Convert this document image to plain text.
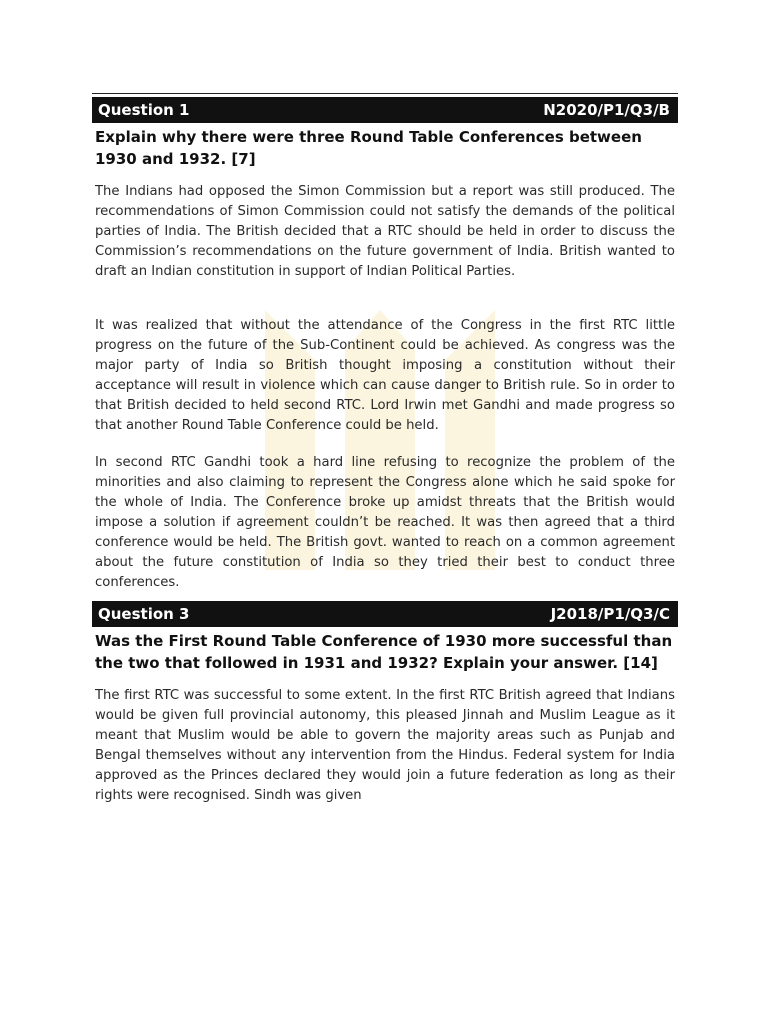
Question 1	N2020/P1/Q3/B

Explain why there were three Round Table Conferences between 1930 and 1932. [7]

The Indians had opposed the Simon Commission but a report was still produced. The recommendations of Simon Commission could not satisfy the demands of the political parties of India. The British decided that a RTC should be held in order to discuss the Commission’s recommendations on the future government of India. British wanted to draft an Indian constitution in support of Indian Political Parties.

It was realized that without the attendance of the Congress in the first RTC little progress on the future of the Sub-Continent could be achieved. As congress was the major party of India so British thought imposing a constitution without their acceptance will result in violence which can cause danger to British rule. So in order to that British decided to held second RTC. Lord Irwin met Gandhi and made progress so that another Round Table Conference could be held.

In second RTC Gandhi took a hard line refusing to recognize the problem of the minorities and also claiming to represent the Congress alone which he said spoke for the whole of India. The Conference broke up amidst threats that the British would impose a solution if agreement couldn’t be reached. It was then agreed that a third conference would be held. The British govt. wanted to reach on a common agreement about the future constitution of India so they tried their best to conduct three conferences.

Question 3	J2018/P1/Q3/C

Was the First Round Table Conference of 1930 more successful than the two that followed in 1931 and 1932? Explain your answer. [14]

The first RTC was successful to some extent. In the first RTC British agreed that Indians would be given full provincial autonomy, this pleased Jinnah and Muslim League as it meant that Muslim would be able to govern the majority areas such as Punjab and Bengal themselves without any intervention from the Hindus. Federal system for India approved as the Princes declared they would join a future federation as long as their rights were recognised. Sindh was given
